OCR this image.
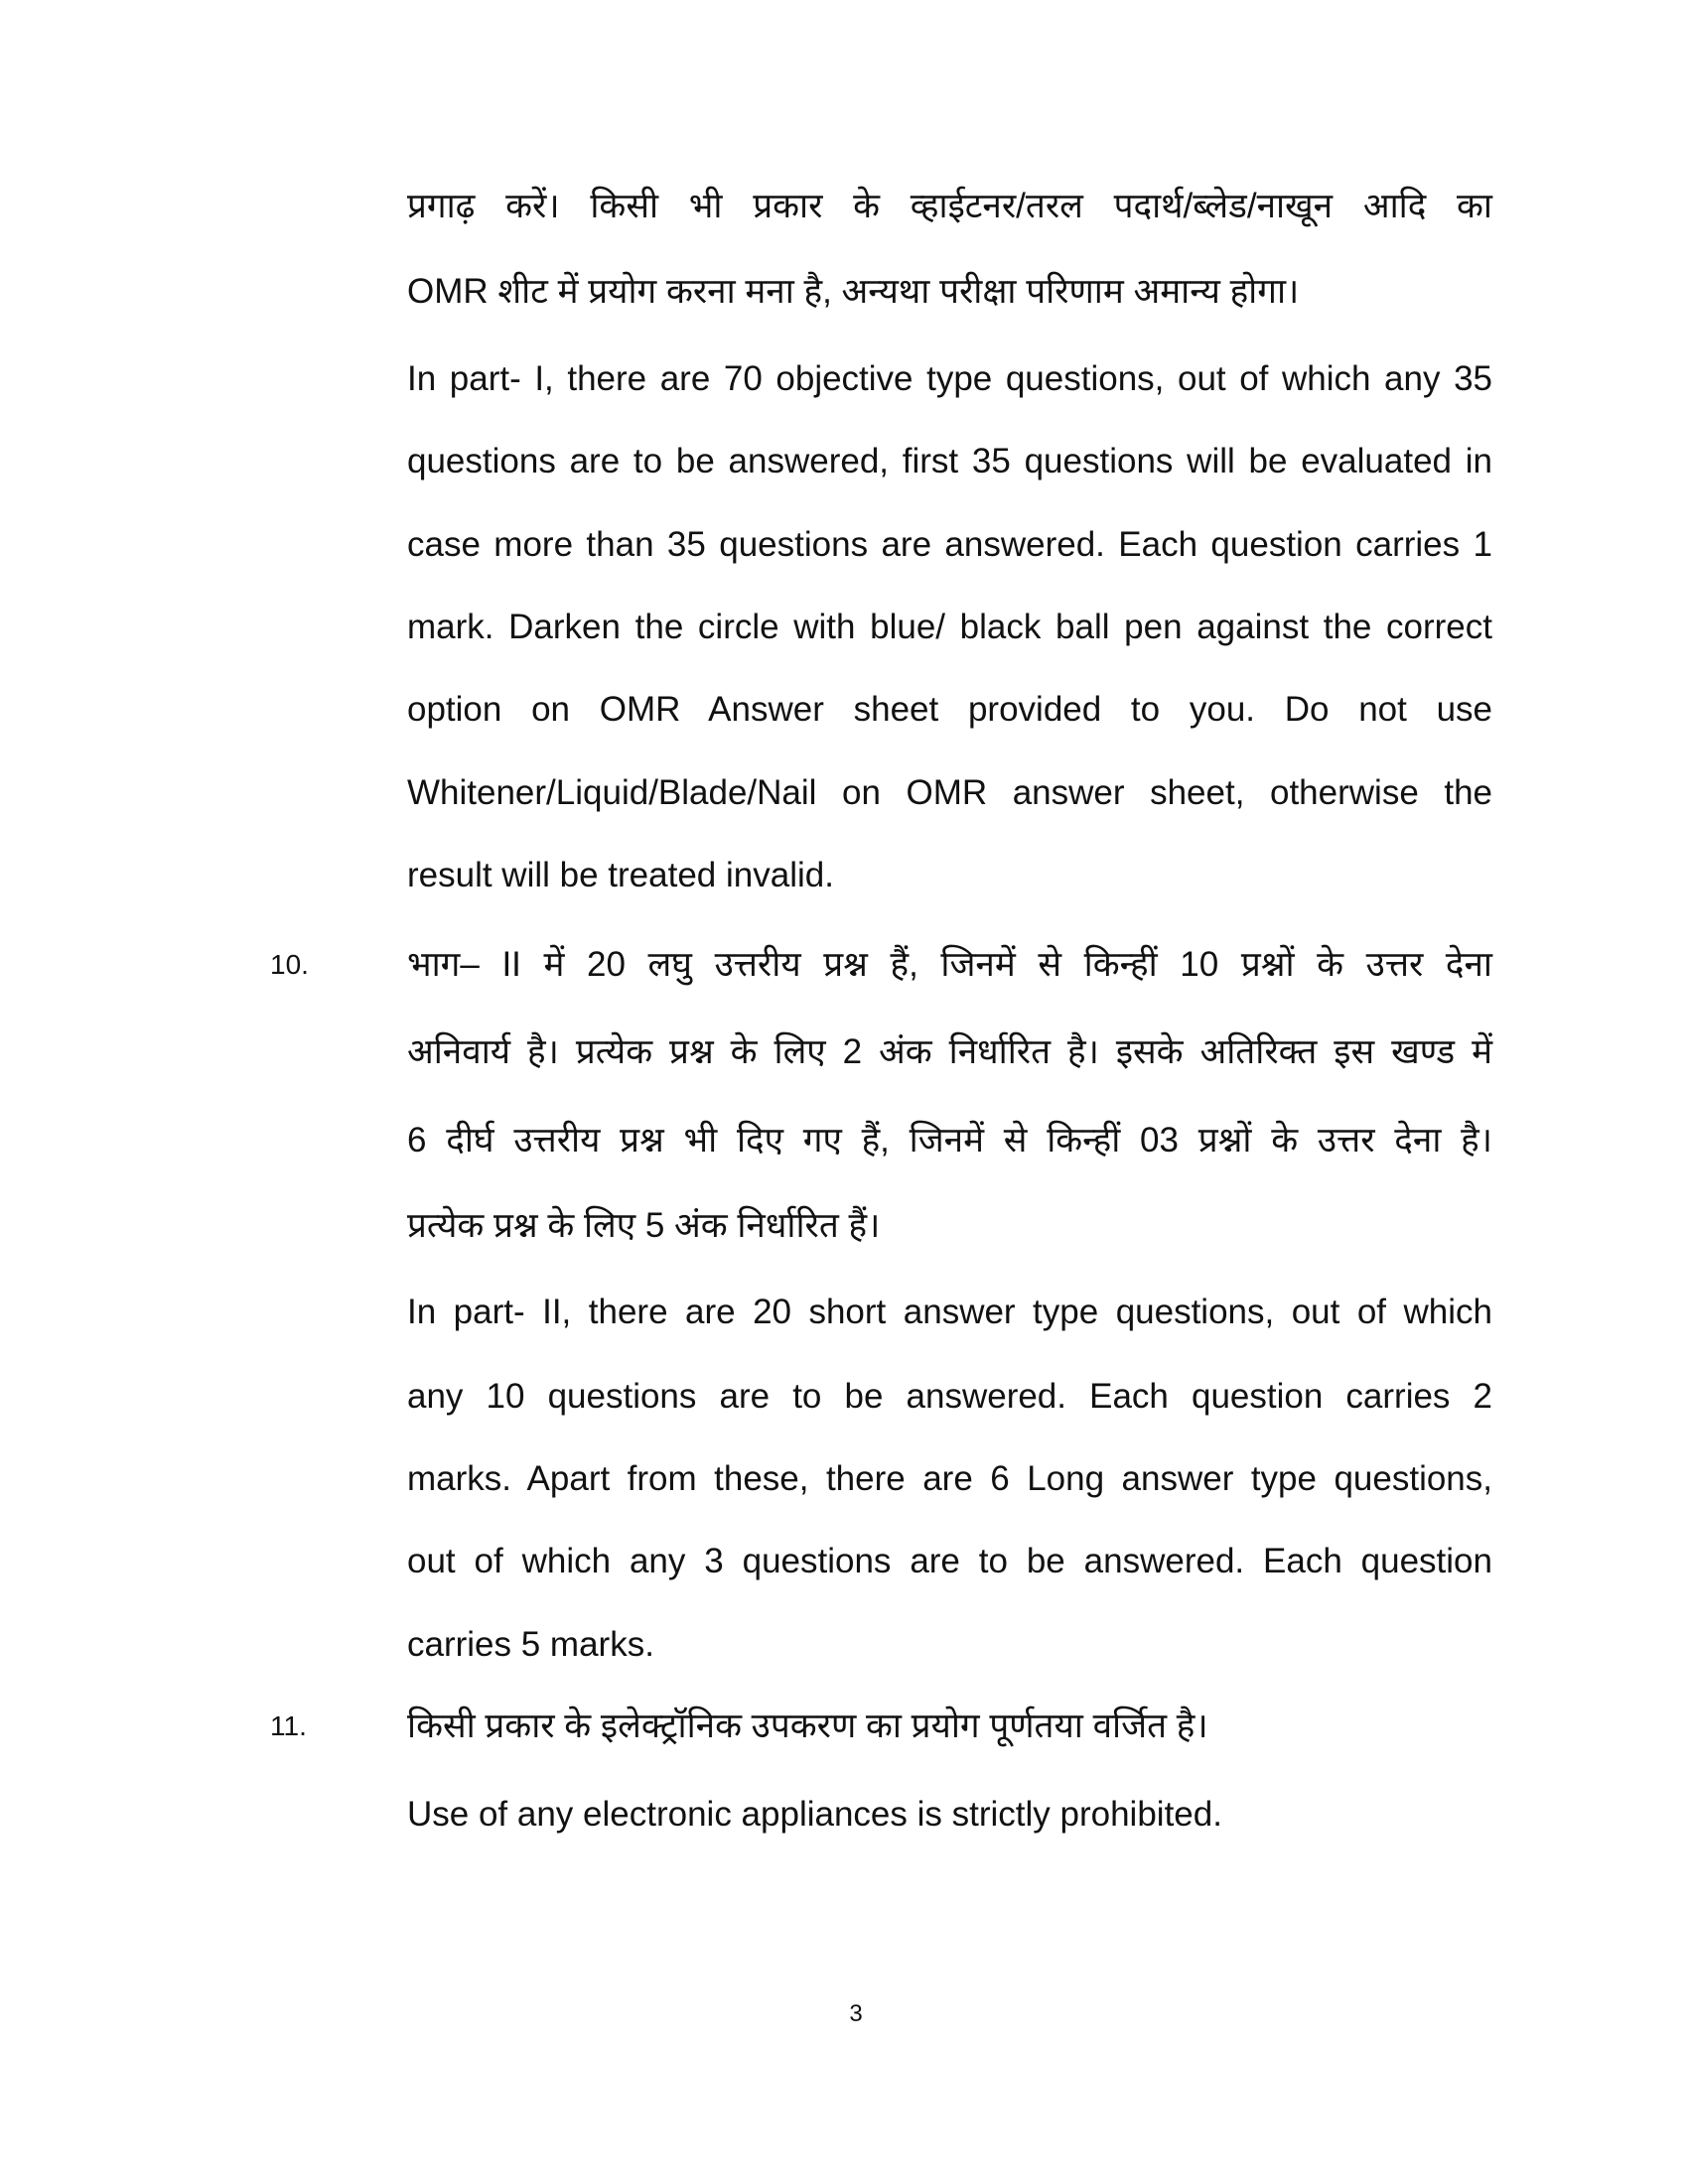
प्रगाढ़ करें। किसी भी प्रकार के व्हाईटनर/तरल पदार्थ/ब्लेड/नाखून आदि का
OMR शीट में प्रयोग करना मना है, अन्यथा परीक्षा परिणाम अमान्य होगा।
In part- I, there are 70 objective type questions, out of which any 35
questions are to be answered, first 35 questions will be evaluated in
case more than 35 questions are answered. Each question carries 1
mark. Darken the circle with blue/ black ball pen against the correct
option on OMR Answer sheet provided to you. Do not use
Whitener/Liquid/Blade/Nail on OMR answer sheet, otherwise the
result will be treated invalid.
10.	भाग– II में 20 लघु उत्तरीय प्रश्न हैं, जिनमें से किन्हीं 10 प्रश्नों के उत्तर देना
अनिवार्य है। प्रत्येक प्रश्न के लिए 2 अंक निर्धारित है। इसके अतिरिक्त इस खण्ड में
6 दीर्घ उत्तरीय प्रश्न भी दिए गए हैं, जिनमें से किन्हीं 03 प्रश्नों के उत्तर देना है।
प्रत्येक प्रश्न के लिए 5 अंक निर्धारित हैं।
In part- II, there are 20 short answer type questions, out of which
any 10 questions are to be answered. Each question carries 2
marks. Apart from these, there are 6 Long answer type questions,
out of which any 3 questions are to be answered. Each question
carries 5 marks.
11.	किसी प्रकार के इलेक्ट्रॉनिक उपकरण का प्रयोग पूर्णतया वर्जित है।
Use of any electronic appliances is strictly prohibited.
3
